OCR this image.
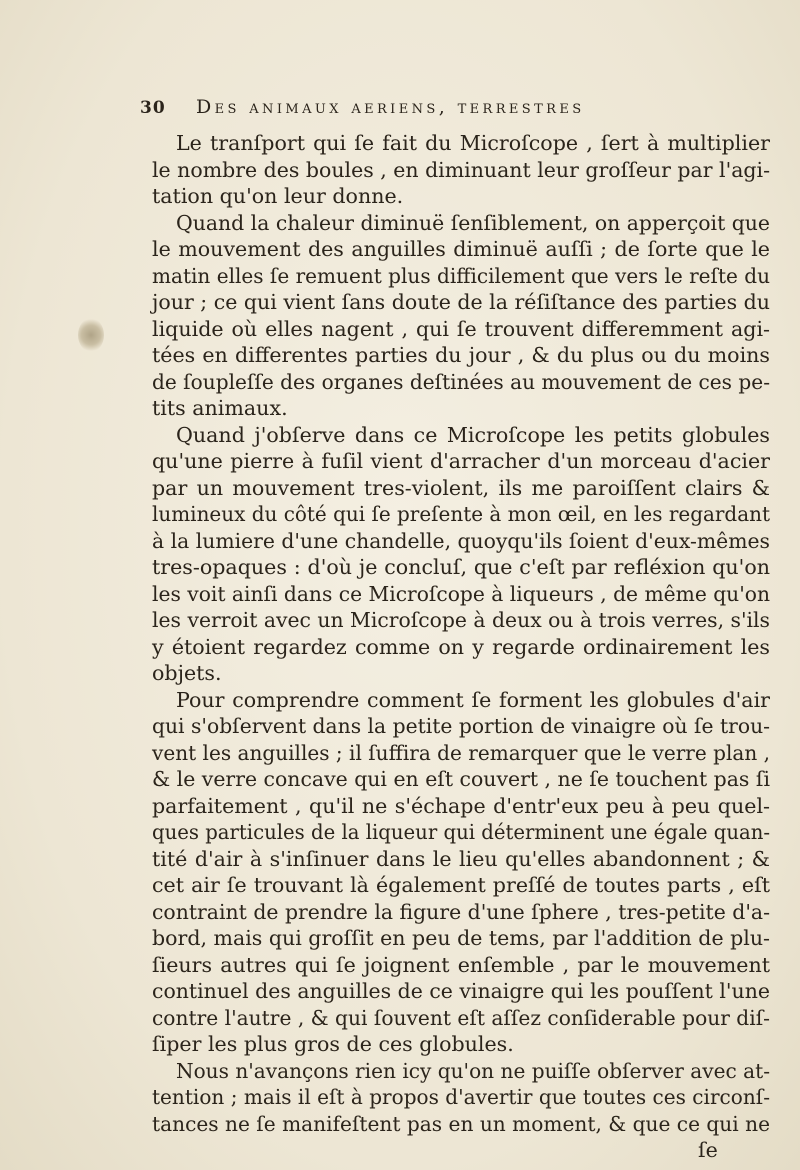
30	Des animaux aeriens, terrestres
Le tranſport qui ſe fait du Microſcope , ſert à multiplier
le nombre des boules , en diminuant leur groſſeur par l'agi-
tation qu'on leur donne.
Quand la chaleur diminuë ſenſiblement, on apperçoit que
le mouvement des anguilles diminuë auſſi ; de ſorte que le
matin elles ſe remuent plus difficilement que vers le reſte du
jour ; ce qui vient ſans doute de la réſiſtance des parties du
liquide où elles nagent , qui ſe trouvent differemment agi-
tées en differentes parties du jour , & du plus ou du moins
de ſoupleſſe des organes deſtinées au mouvement de ces pe-
tits animaux.
Quand j'obſerve dans ce Microſcope les petits globules
qu'une pierre à fuſil vient d'arracher d'un morceau d'acier
par un mouvement tres-violent, ils me paroiſſent clairs &
lumineux du côté qui ſe preſente à mon œil, en les regardant
à la lumiere d'une chandelle, quoyqu'ils ſoient d'eux-mêmes
tres-opaques : d'où je concluſ, que c'eſt par refléxion qu'on
les voit ainſi dans ce Microſcope à liqueurs , de même qu'on
les verroit avec un Microſcope à deux ou à trois verres, s'ils
y étoient regardez comme on y regarde ordinairement les
objets.
Pour comprendre comment ſe forment les globules d'air
qui s'obſervent dans la petite portion de vinaigre où ſe trou-
vent les anguilles ; il ſuffira de remarquer que le verre plan ,
& le verre concave qui en eſt couvert , ne ſe touchent pas ſi
parfaitement , qu'il ne s'échape d'entr'eux peu à peu quel-
ques particules de la liqueur qui déterminent une égale quan-
tité d'air à s'inſinuer dans le lieu qu'elles abandonnent ; &
cet air ſe trouvant là également preſſé de toutes parts , eſt
contraint de prendre la figure d'une ſphere , tres-petite d'a-
bord, mais qui groſſit en peu de tems, par l'addition de plu-
ſieurs autres qui ſe joignent enſemble , par le mouvement
continuel des anguilles de ce vinaigre qui les pouſſent l'une
contre l'autre , & qui ſouvent eſt aſſez conſiderable pour diſ-
ſiper les plus gros de ces globules.
Nous n'avançons rien icy qu'on ne puiſſe obſerver avec at-
tention ; mais il eſt à propos d'avertir que toutes ces circonſ-
tances ne ſe manifeſtent pas en un moment, & que ce qui ne
ſe
